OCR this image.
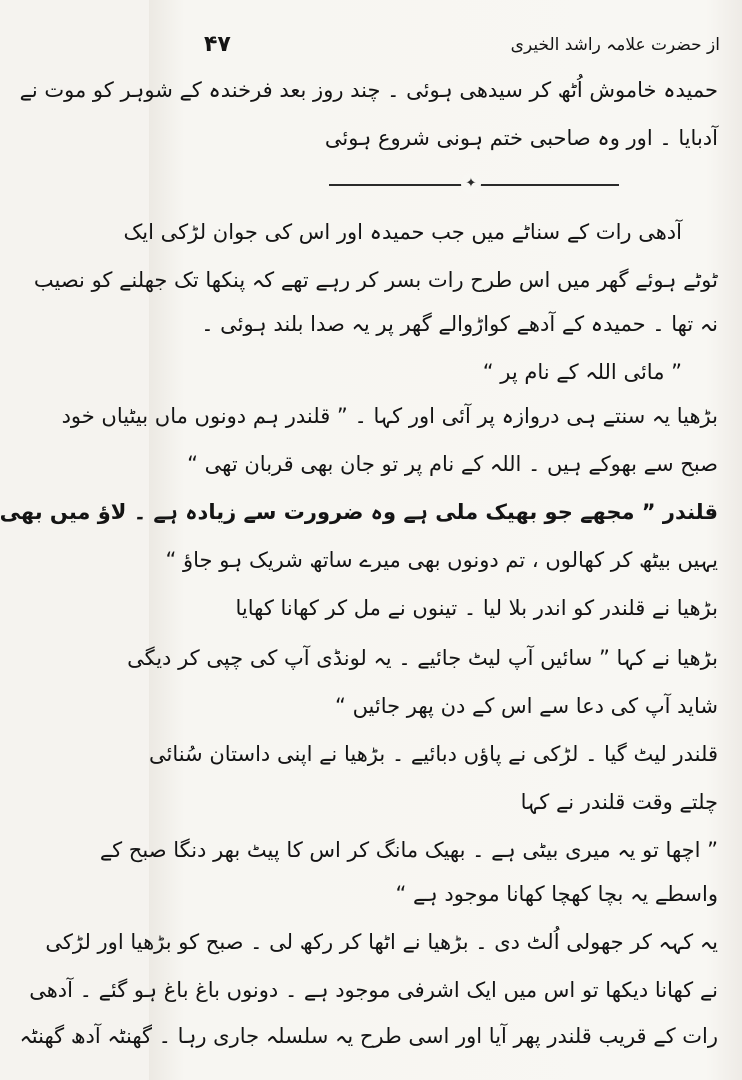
۴۷	از حضرت علامہ راشد الخیری
حمیدہ خاموش اُٹھ کر سیدھی ہوئی ۔ چند روز بعد فرخندہ کے شوہر کو موت نے
آدبایا ۔ اور وہ صاحبی ختم ہونی شروع ہوئی
✦
آدھی رات کے سناٹے میں جب حمیدہ اور اس کی جوان لڑکی ایک
ٹوٹے ہوئے گھر میں اس طرح رات بسر کر رہے تھے کہ پنکھا تک جھلنے کو نصیب
نہ تھا ۔ حمیدہ کے آدھے کواڑوالے گھر پر یہ صدا بلند ہوئی ۔
” مائی اللہ کے نام پر “
بڑھیا یہ سنتے ہی دروازہ پر آئی اور کہا ۔ ” قلندر ہم دونوں ماں بیٹیاں خود
صبح سے بھوکے ہیں ۔ اللہ کے نام پر تو جان بھی قربان تھی “
قلندر ” مجھے جو بھیک ملی ہے وہ ضرورت سے زیادہ ہے ۔ لاؤ میں بھی
یہیں بیٹھ کر کھالوں ، تم دونوں بھی میرے ساتھ شریک ہو جاؤ “
بڑھیا نے قلندر کو اندر بلا لیا ۔ تینوں نے مل کر کھانا کھایا
بڑھیا نے کہا ” سائیں آپ لیٹ جائیے ۔ یہ لونڈی آپ کی چپی کر دیگی
شاید آپ کی دعا سے اس کے دن پھر جائیں “
قلندر لیٹ گیا ۔ لڑکی نے پاؤں دبائیے ۔ بڑھیا نے اپنی داستان سُنائی
چلتے وقت قلندر نے کہا
” اچھا تو یہ میری بیٹی ہے ۔ بھیک مانگ کر اس کا پیٹ بھر دنگا صبح کے
واسطے یہ بچا کھچا کھانا موجود ہے “
یہ کہہ کر جھولی اُلٹ دی ۔ بڑھیا نے اٹھا کر رکھ لی ۔ صبح کو بڑھیا اور لڑکی
نے کھانا دیکھا تو اس میں ایک اشرفی موجود ہے ۔ دونوں باغ باغ ہو گئے ۔ آدھی
رات کے قریب قلندر پھر آیا اور اسی طرح یہ سلسلہ جاری رہا ۔ گھنٹہ آدھ گھنٹہ
